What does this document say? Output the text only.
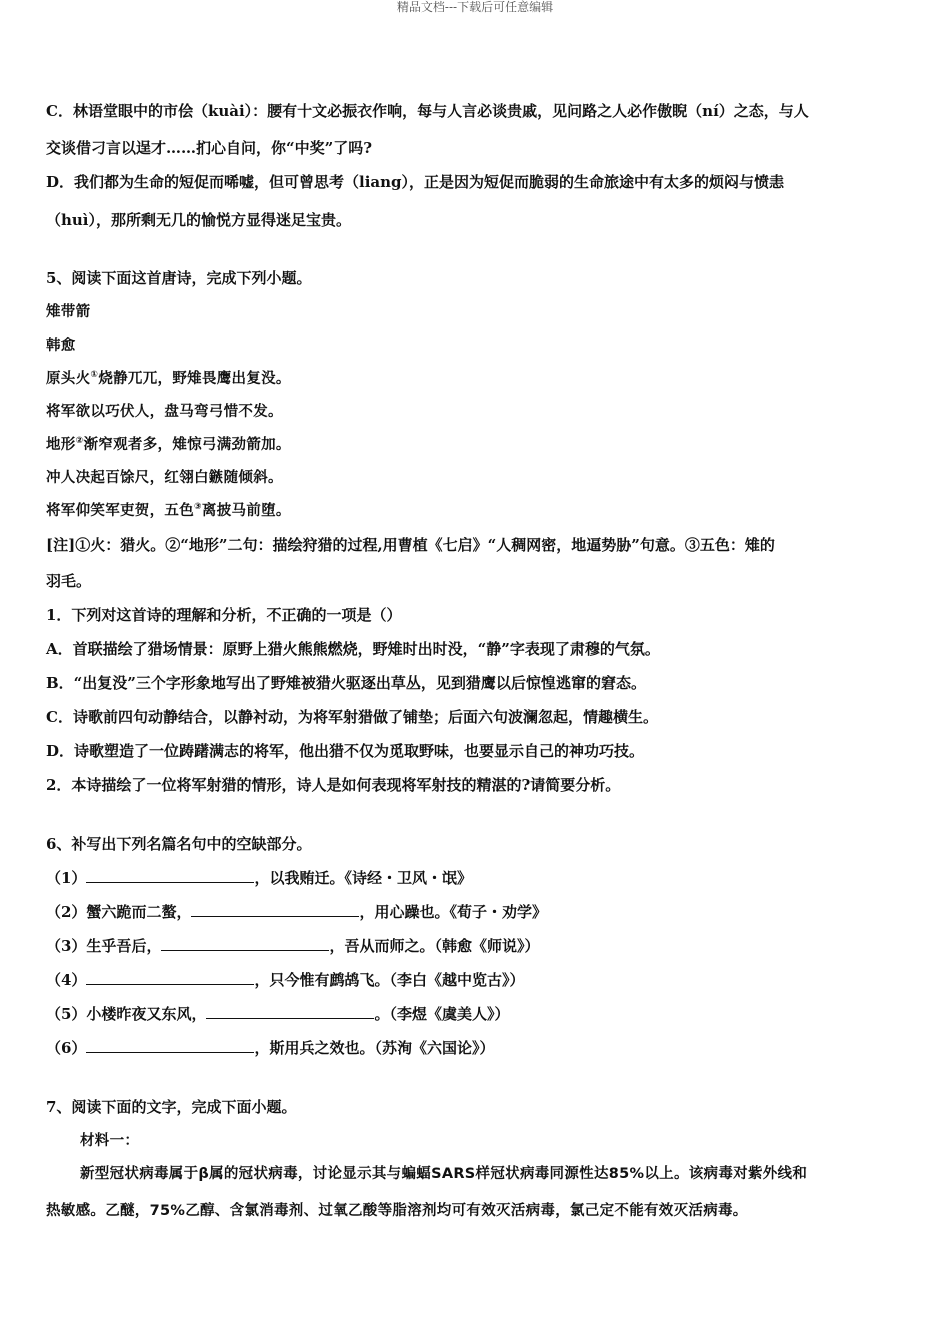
精品文档---下载后可任意编辑
C．林语堂眼中的市侩（kuài）：腰有十文必振衣作响，每与人言必谈贵戚，见问路之人必作傲睨（ní）之态，与人
交谈借刁言以逞才……扪心自问，你“中奖”了吗?
D．我们都为生命的短促而唏嘘，但可曾思考（liang），正是因为短促而脆弱的生命旅途中有太多的烦闷与愤恚
（huì），那所剩无几的愉悦方显得迷足宝贵。
5、阅读下面这首唐诗，完成下列小题。
雉带箭
韩愈
原头火①烧静兀兀，野雉畏鹰出复没。
将军欲以巧伏人，盘马弯弓惜不发。
地形②渐窄观者多，雉惊弓满劲箭加。
冲人决起百馀尺，红翎白鏃随倾斜。
将军仰笑军吏贺，五色③离披马前堕。
[注]①火：猎火。②“地形”二句：描绘狩猎的过程,用曹植《七启》“人稠网密，地逼势胁”句意。③五色：雉的
羽毛。
1．下列对这首诗的理解和分析，不正确的一项是（）
A．首联描绘了猎场情景：原野上猎火熊熊燃烧，野雉时出时没，“静”字表现了肃穆的气氛。
B．“出复没”三个字形象地写出了野雉被猎火驱逐出草丛，见到猎鹰以后惊惶逃窜的窘态。
C．诗歌前四句动静结合，以静衬动，为将军射猎做了铺垫；后面六句波澜忽起，情趣横生。
D．诗歌塑造了一位踌躇满志的将军，他出猎不仅为觅取野味，也要显示自己的神功巧技。
2．本诗描绘了一位将军射猎的情形，诗人是如何表现将军射技的精湛的?请简要分析。
6、补写出下列名篇名句中的空缺部分。
（1）	，以我贿迁。《诗经・卫风・氓》
（2）蟹六跪而二螯，	，用心躁也。《荀子・劝学》
（3）生乎吾后，	，吾从而师之。（韩愈《师说》）
（4）	，只今惟有鹧鸪飞。（李白《越中览古》）
（5）小楼昨夜又东风，	。（李煜《虞美人》）
（6）	，斯用兵之效也。（苏洵《六国论》）
7、阅读下面的文字，完成下面小题。
材料一：
新型冠状病毒属于β属的冠状病毒，讨论显示其与蝙蝠SARS样冠状病毒同源性达85%以上。该病毒对紫外线和
热敏感。乙醚，75%乙醇、含氯消毒剂、过氧乙酸等脂溶剂均可有效灭活病毒，氯己定不能有效灭活病毒。
